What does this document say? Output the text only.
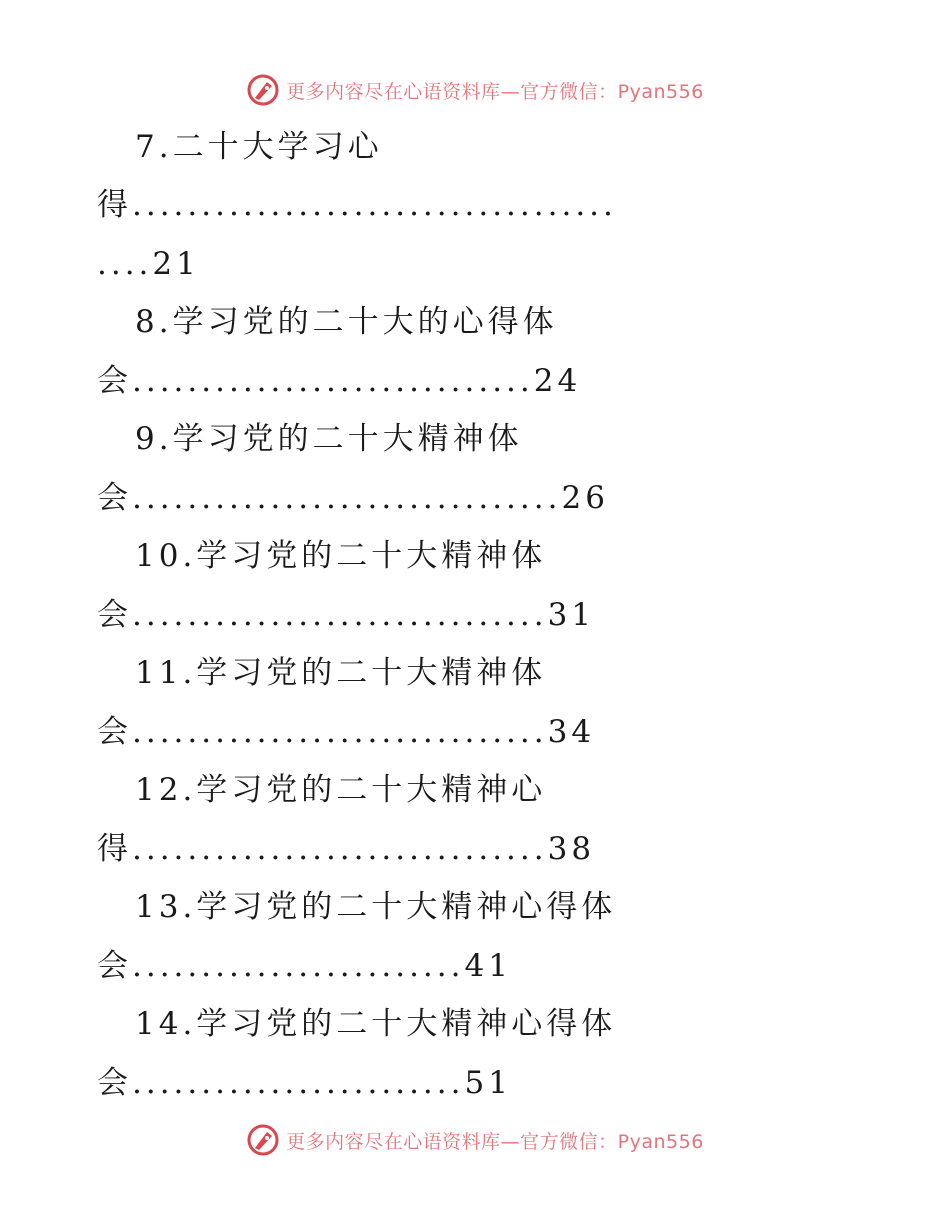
更多内容尽在心语资料库—官方微信：Pyan556
7.二十大学习心
得...................................
....21
8.学习党的二十大的心得体
会.............................24
9.学习党的二十大精神体
会...............................26
10.学习党的二十大精神体
会..............................31
11.学习党的二十大精神体
会..............................34
12.学习党的二十大精神心
得..............................38
13.学习党的二十大精神心得体
会........................41
14.学习党的二十大精神心得体
会........................51
更多内容尽在心语资料库—官方微信：Pyan556
